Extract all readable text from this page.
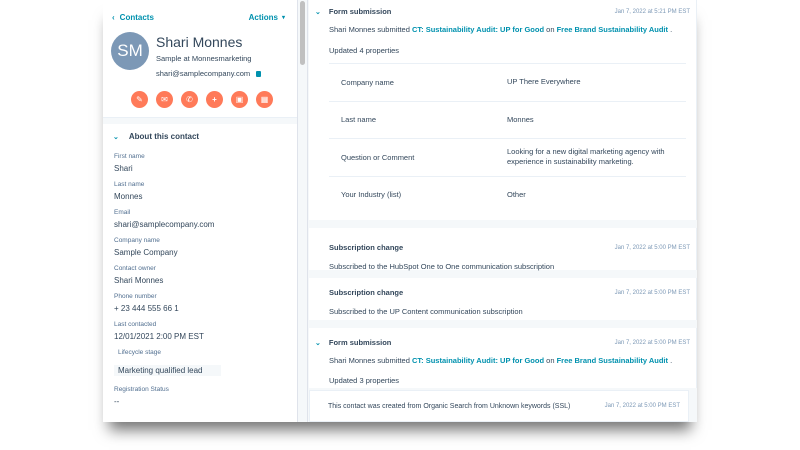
‹ Contacts	Actions ▾
SM Shari Monnes
Sample at Monnesmarketing
shari@samplecompany.com
✎ ✉ ✆ + ▣ ▦
⌄ About this contact
First name
Shari
Last name
Monnes
Email
shari@samplecompany.com
Company name
Sample Company
Contact owner
Shari Monnes
Phone number
+ 23 444 555 66 1
Last contacted
12/01/2021 2:00 PM EST
Lifecycle stage
Marketing qualified lead
Registration Status
--
⌄ Form submission	Jan 7, 2022 at 5:21 PM EST
Shari Monnes submitted CT: Sustainability Audit: UP for Good on Free Brand Sustainability Audit .
Updated 4 properties
Company name	UP There Everywhere
Last name	Monnes
Question or Comment
Looking for a new digital marketing agency with experience in sustainability marketing.
Your Industry (list)	Other
Subscription change	Jan 7, 2022 at 5:00 PM EST
Subscribed to the HubSpot One to One communication subscription
Subscription change	Jan 7, 2022 at 5:00 PM EST
Subscribed to the UP Content communication subscription
⌄ Form submission	Jan 7, 2022 at 5:00 PM EST
Shari Monnes submitted CT: Sustainability Audit: UP for Good on Free Brand Sustainability Audit .
Updated 3 properties
This contact was created from Organic Search from Unknown keywords (SSL)	Jan 7, 2022 at 5:00 PM EST
